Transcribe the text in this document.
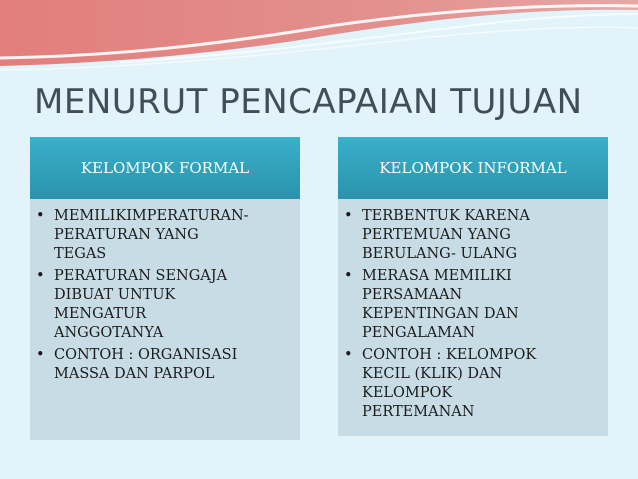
MENURUT PENCAPAIAN TUJUAN
KELOMPOK FORMAL
• MEMILIKIMPERATURAN-
PERATURAN YANG
TEGAS
• PERATURAN SENGAJA
DIBUAT UNTUK
MENGATUR
ANGGOTANYA
• CONTOH : ORGANISASI
MASSA DAN PARPOL
KELOMPOK INFORMAL
• TERBENTUK KARENA
PERTEMUAN YANG
BERULANG- ULANG
• MERASA MEMILIKI
PERSAMAAN
KEPENTINGAN DAN
PENGALAMAN
• CONTOH : KELOMPOK
KECIL (KLIK) DAN
KELOMPOK
PERTEMANAN
